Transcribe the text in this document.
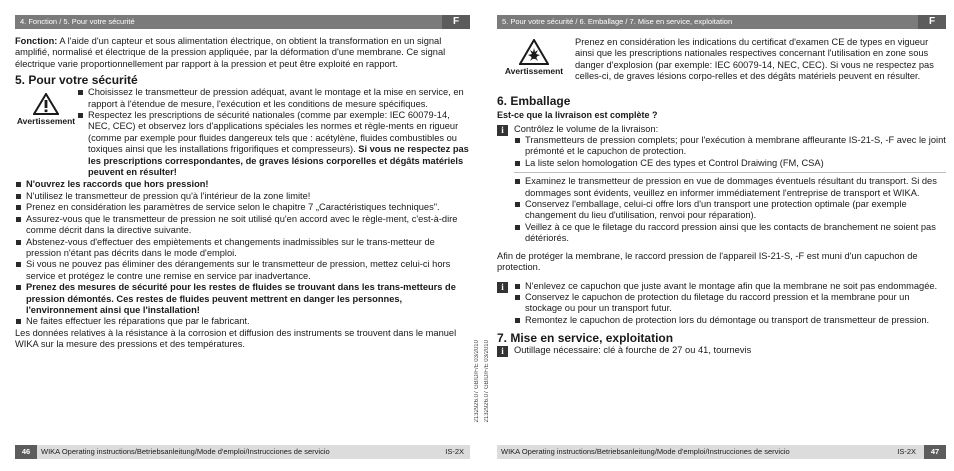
4. Fonction / 5. Pour votre sécurité	F

Fonction: A l'aide d'un capteur et sous alimentation électrique, on obtient la transformation en un signal amplifié, normalisé et électrique de la pression appliquée, par la déformation d'une membrane. Ce signal électrique varie proportionnellement par rapport à la pression et peut être exploité en rapport.

5. Pour votre sécurité

Avertissement
Choisissez le transmetteur de pression adéquat, avant le montage et la mise en service, en rapport à l'étendue de mesure, l'exécution et les conditions de mesure spécifiques.
Respectez les prescriptions de sécurité nationales (comme par exemple: IEC 60079-14, NEC, CEC) et observez lors d'applications spéciales les normes et règle-ments en rigueur (comme par exemple pour fluides dangereux tels que : acétylène, fluides combustibles ou toxiques ainsi que les installations frigorifiques et compresseurs). Si vous ne respectez pas les prescriptions correspondantes, de graves lésions corporelles et dégâts matériels peuvent en résulter!
N'ouvrez les raccords que hors pression!
N'utilisez le transmetteur de pression qu'à l'intérieur de la zone limite!
Prenez en considération les paramètres de service selon le chapitre 7 „Caractéristiques techniques".
Assurez-vous que le transmetteur de pression ne soit utilisé qu'en accord avec le règle-ment, c'est-à-dire comme décrit dans la directive suivante.
Abstenez-vous d'effectuer des empiètements et changements inadmissibles sur le trans-metteur de pression n'étant pas décrits dans le mode d'emploi.
Si vous ne pouvez pas éliminer des dérangements sur le transmetteur de pression, mettez celui-ci hors service et protégez le contre une remise en service par inadvertance.
Prenez des mesures de sécurité pour les restes de fluides se trouvant dans les trans-metteurs de pression démontés. Ces restes de fluides peuvent mettrent en danger les personnes, l'environnement ainsi que l'installation!
Ne faites effectuer les réparations que par le fabricant.

Les données relatives à la résistance à la corrosion et diffusion des instruments se trouvent dans le manuel WIKA sur la mesure des pressions et des températures.

46 WIKA Operating instructions/Betriebsanleitung/Mode d'emploi/Instrucciones de servicio	IS-2X
2132926.07 GB/D/F/E 03/2010 2132926.07 GB/D/F/E 03/2010
5. Pour votre sécurité / 6. Emballage / 7. Mise en service, exploitation	F
Avertissement

Prenez en considération les indications du certificat d'examen CE de types en vigueur ainsi que les prescriptions nationales respectives concernant l'utilisation en zone sous danger d'explosion (par exemple: IEC 60079-14, NEC, CEC). Si vous ne respectez pas celles-ci, de graves lésions corpo-relles et des dégâts matériels peuvent en résulter.

6. Emballage

Est-ce que la livraison est complète ?

i	Contrôlez le volume de la livraison:

Transmetteurs de pression complets; pour l'exécution à membrane affleurante IS-21-S, -F avec le joint prémonté et le capuchon de protection.
La liste selon homologation CE des types et Control Draiwing (FM, CSA)
Examinez le transmetteur de pression en vue de dommages éventuels résultant du transport. Si des dommages sont évidents, veuillez en informer immédiatement l'entreprise de transport et WIKA.
Conservez l'emballage, celui-ci offre lors d'un transport une protection optimale (par exemple changement du lieu d'utilisation, renvoi pour réparation).
Veillez à ce que le filetage du raccord pression ainsi que les contacts de branchement ne soient pas détériorés.

Afin de protéger la membrane, le raccord pression de l'appareil IS-21-S, -F est muni d'un capuchon de protection.

i	N'enlevez ce capuchon que juste avant le montage afin que la membrane ne soit pas endommagée.
Conservez le capuchon de protection du filetage du raccord pression et la membrane pour un stockage ou pour un transport futur.
Remontez le capuchon de protection lors du démontage ou transport de transmetteur de pression.

7. Mise en service, exploitation

i	Outillage nécessaire: clé à fourche de 27 ou 41, tournevis

WIKA Operating instructions/Betriebsanleitung/Mode d'emploi/Instrucciones de servicio	IS-2X	47
